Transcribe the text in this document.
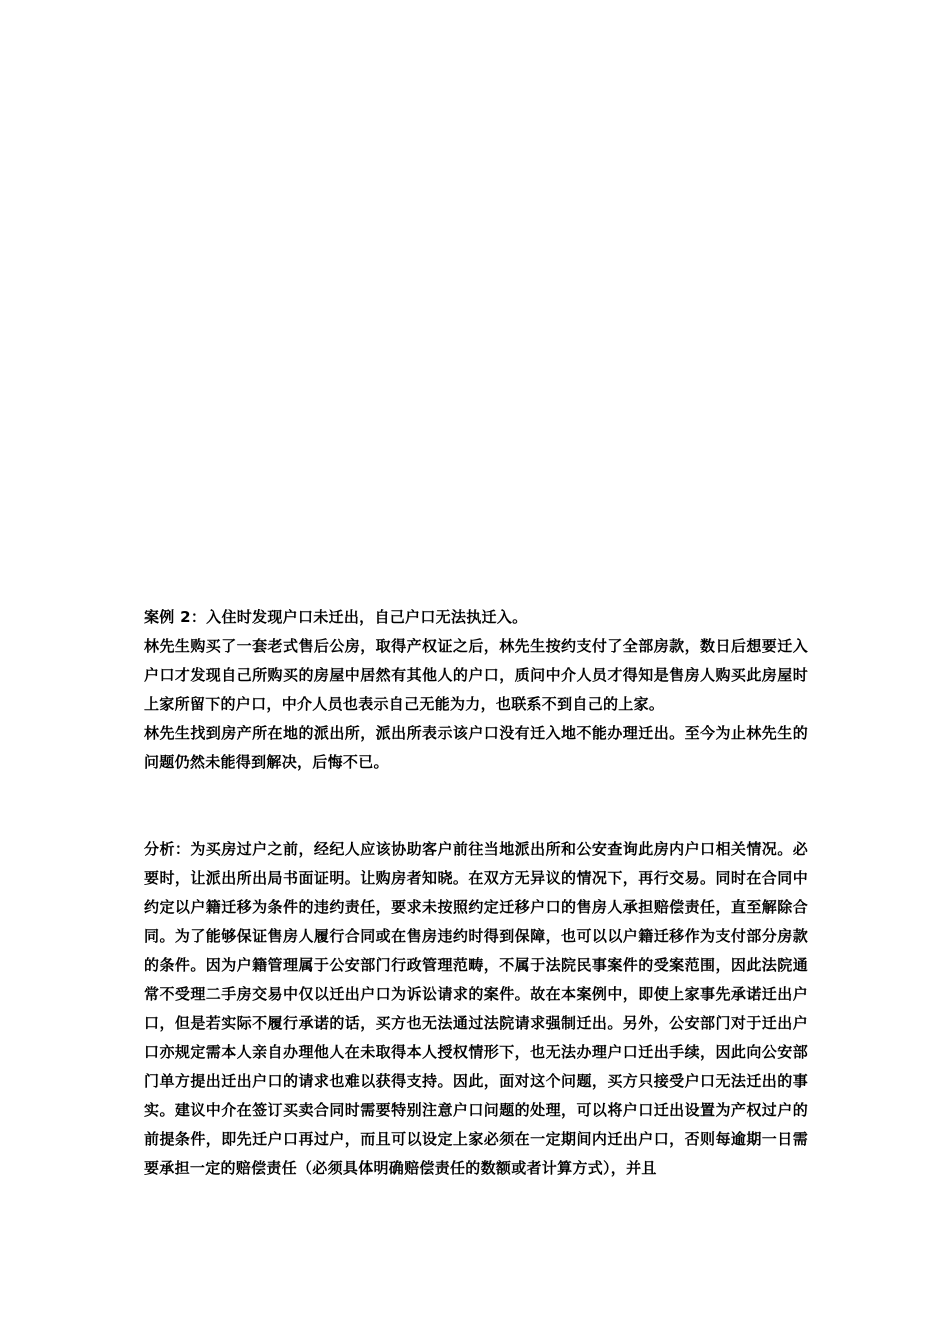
案例 2：入住时发现户口未迁出，自己户口无法执迁入。

林先生购买了一套老式售后公房，取得产权证之后，林先生按约支付了全部房款，数日后想要迁入户口才发现自己所购买的房屋中居然有其他人的户口，质问中介人员才得知是售房人购买此房屋时上家所留下的户口，中介人员也表示自己无能为力，也联系不到自己的上家。

林先生找到房产所在地的派出所，派出所表示该户口没有迁入地不能办理迁出。至今为止林先生的问题仍然未能得到解决，后悔不已。

分析：为买房过户之前，经纪人应该协助客户前往当地派出所和公安查询此房内户口相关情况。必要时，让派出所出局书面证明。让购房者知晓。在双方无异议的情况下，再行交易。同时在合同中约定以户籍迁移为条件的违约责任，要求未按照约定迁移户口的售房人承担赔偿责任，直至解除合同。为了能够保证售房人履行合同或在售房违约时得到保障，也可以以户籍迁移作为支付部分房款的条件。因为户籍管理属于公安部门行政管理范畴，不属于法院民事案件的受案范围，因此法院通常不受理二手房交易中仅以迁出户口为诉讼请求的案件。故在本案例中，即使上家事先承诺迁出户口，但是若实际不履行承诺的话，买方也无法通过法院请求强制迁出。另外，公安部门对于迁出户口亦规定需本人亲自办理他人在未取得本人授权情形下，也无法办理户口迁出手续，因此向公安部门单方提出迁出户口的请求也难以获得支持。因此，面对这个问题，买方只接受户口无法迁出的事实。建议中介在签订买卖合同时需要特别注意户口问题的处理，可以将户口迁出设置为产权过户的前提条件，即先迁户口再过户，而且可以设定上家必须在一定期间内迁出户口，否则每逾期一日需要承担一定的赔偿责任（必须具体明确赔偿责任的数额或者计算方式），并且
